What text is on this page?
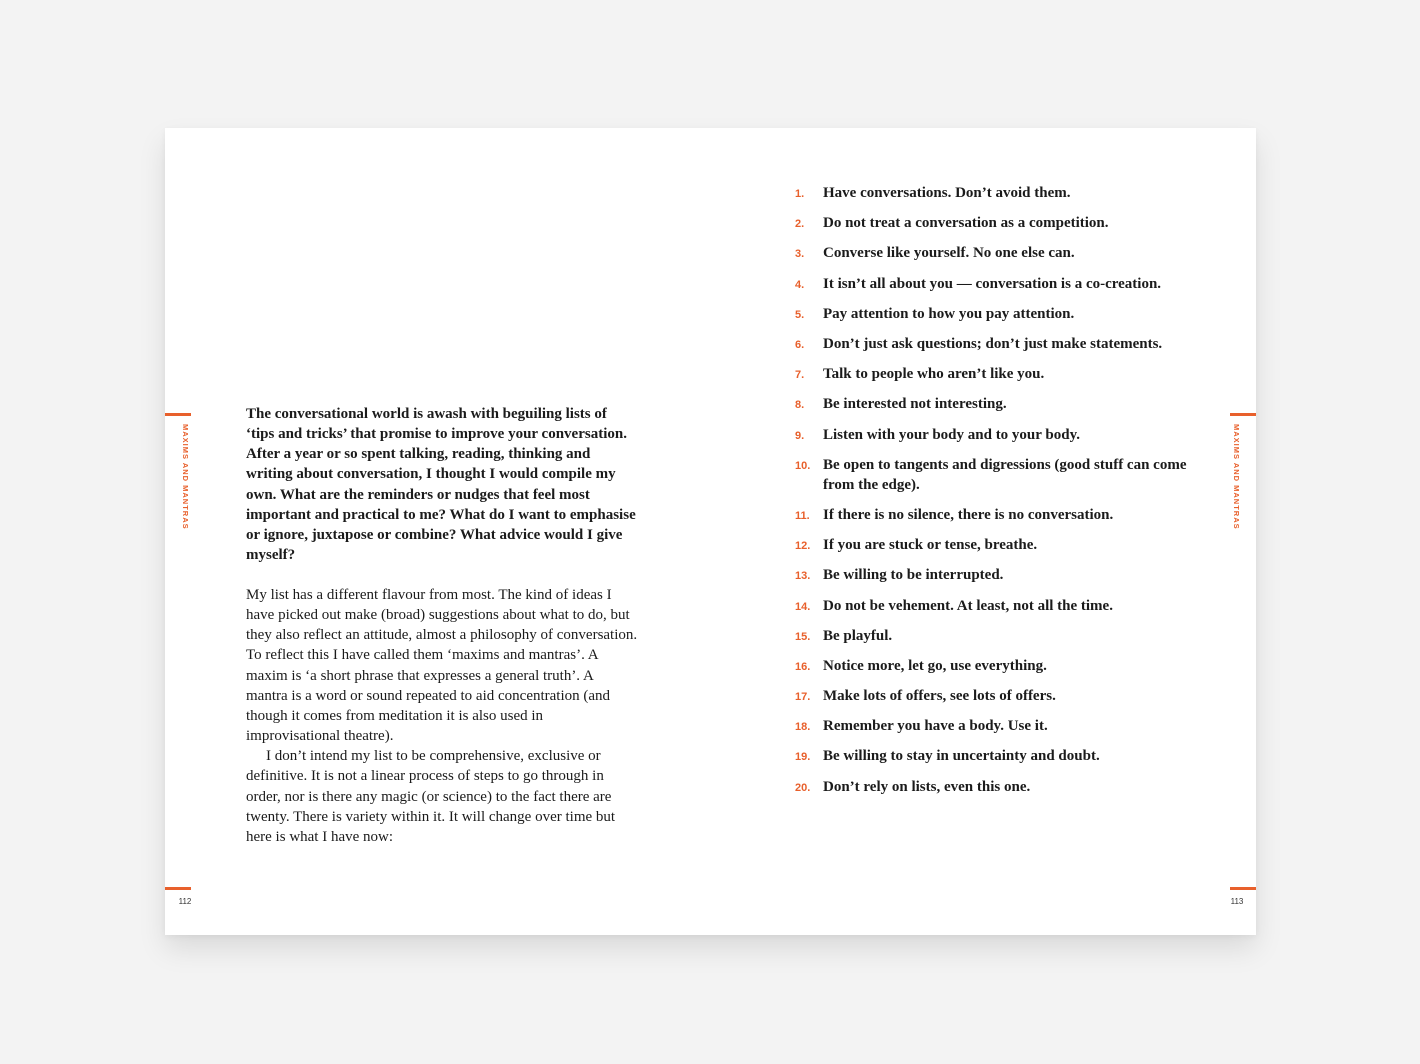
MAXIMS AND MANTRAS

The conversational world is awash with beguiling lists of ‘tips and tricks’ that promise to improve your conversation. After a year or so spent talking, reading, thinking and writing about conversation, I thought I would compile my own. What are the reminders or nudges that feel most important and practical to me? What do I want to emphasise or ignore, juxtapose or combine? What advice would I give myself?

My list has a different flavour from most. The kind of ideas I have picked out make (broad) suggestions about what to do, but they also reflect an attitude, almost a philosophy of conversation. To reflect this I have called them ‘maxims and mantras’. A maxim is ‘a short phrase that expresses a general truth’. A mantra is a word or sound repeated to aid concentration (and though it comes from meditation it is also used in improvisational theatre).

I don’t intend my list to be comprehensive, exclusive or definitive. It is not a linear process of steps to go through in order, nor is there any magic (or science) to the fact there are twenty. There is variety within it. It will change over time but here is what I have now:

112
1.	Have conversations. Don’t avoid them.
2.	Do not treat a conversation as a competition.
3.	Converse like yourself. No one else can.
4.	It isn’t all about you — conversation is a co-creation.
5.	Pay attention to how you pay attention.
6.	Don’t just ask questions; don’t just make statements.
7.	Talk to people who aren’t like you.
8.	Be interested not interesting.
9.	Listen with your body and to your body.
10. Be open to tangents and digressions (good stuff can come from the edge).
11. If there is no silence, there is no conversation.
12. If you are stuck or tense, breathe.
13. Be willing to be interrupted.
14. Do not be vehement. At least, not all the time.
15. Be playful.
16. Notice more, let go, use everything.
17. Make lots of offers, see lots of offers.
18. Remember you have a body. Use it.
19. Be willing to stay in uncertainty and doubt.
20. Don’t rely on lists, even this one.
MAXIMS AND MANTRAS
113
